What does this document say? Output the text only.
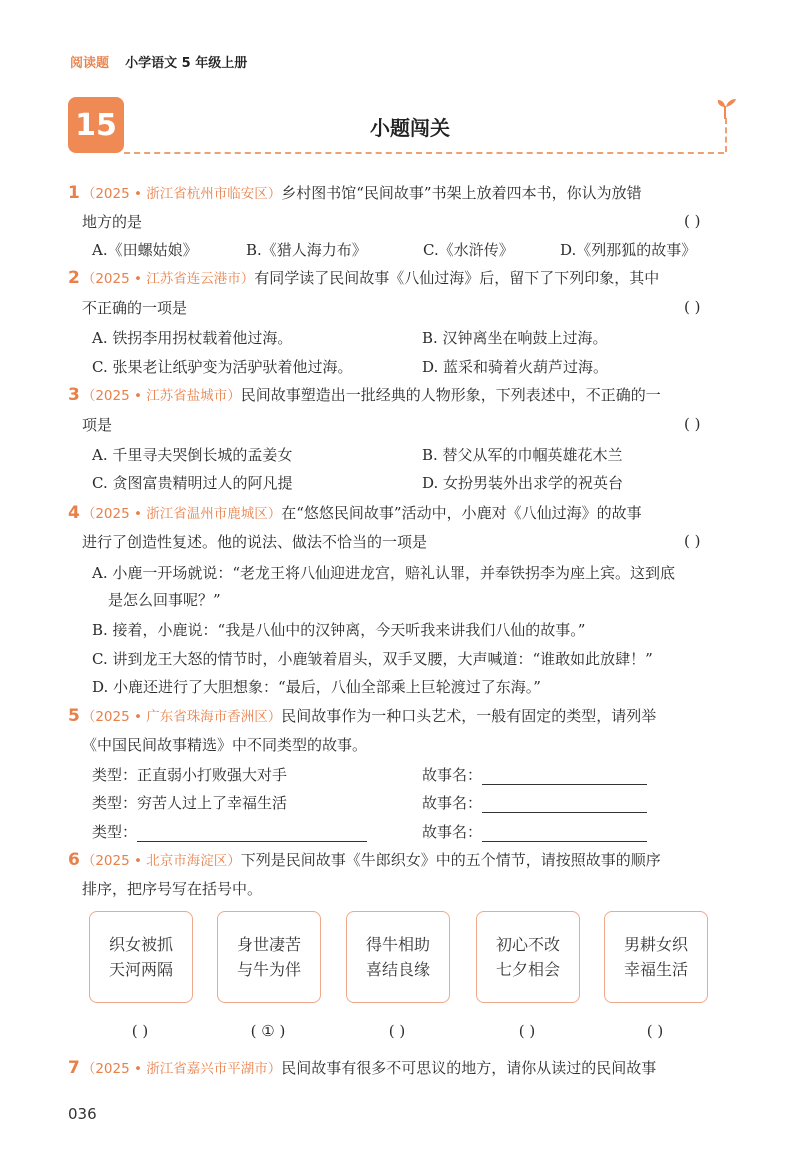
阅读题 小学语文 5 年级上册
15	小题闯关
1 （2025 • 浙江省杭州市临安区）乡村图书馆“民间故事”书架上放着四本书，你认为放错
地方的是	( )
A.《田螺姑娘》	B.《猎人海力布》	C.《水浒传》	D.《列那狐的故事》
2 （2025 • 江苏省连云港市）有同学读了民间故事《八仙过海》后，留下了下列印象，其中
不正确的一项是	( )
A. 铁拐李用拐杖载着他过海。	B. 汉钟离坐在响鼓上过海。
C. 张果老让纸驴变为活驴驮着他过海。	D. 蓝采和骑着火葫芦过海。
3 （2025 • 江苏省盐城市）民间故事塑造出一批经典的人物形象，下列表述中，不正确的一
项是	( )
A. 千里寻夫哭倒长城的孟姜女	B. 替父从军的巾帼英雄花木兰
C. 贪图富贵精明过人的阿凡提	D. 女扮男装外出求学的祝英台
4 （2025 • 浙江省温州市鹿城区）在“悠悠民间故事”活动中，小鹿对《八仙过海》的故事
进行了创造性复述。他的说法、做法不恰当的一项是	( )
A. 小鹿一开场就说：“老龙王将八仙迎进龙宫，赔礼认罪，并奉铁拐李为座上宾。这到底
是怎么回事呢？”
B. 接着，小鹿说：“我是八仙中的汉钟离，今天听我来讲我们八仙的故事。”
C. 讲到龙王大怒的情节时，小鹿皱着眉头，双手叉腰，大声喊道：“谁敢如此放肆！”
D. 小鹿还进行了大胆想象：“最后，八仙全部乘上巨轮渡过了东海。”
5 （2025 • 广东省珠海市香洲区）民间故事作为一种口头艺术，一般有固定的类型，请列举
《中国民间故事精选》中不同类型的故事。
类型：正直弱小打败强大对手	故事名：
类型：穷苦人过上了幸福生活	故事名：
类型：	故事名：
6 （2025 • 北京市海淀区）下列是民间故事《牛郎织女》中的五个情节，请按照故事的顺序
排序，把序号写在括号中。
织女被抓
天河两隔
身世凄苦
与牛为伴
得牛相助
喜结良缘
初心不改
七夕相会
男耕女织
幸福生活
( )	( ① )	( )	( )	( )
7 （2025 • 浙江省嘉兴市平湖市）民间故事有很多不可思议的地方，请你从读过的民间故事
036
